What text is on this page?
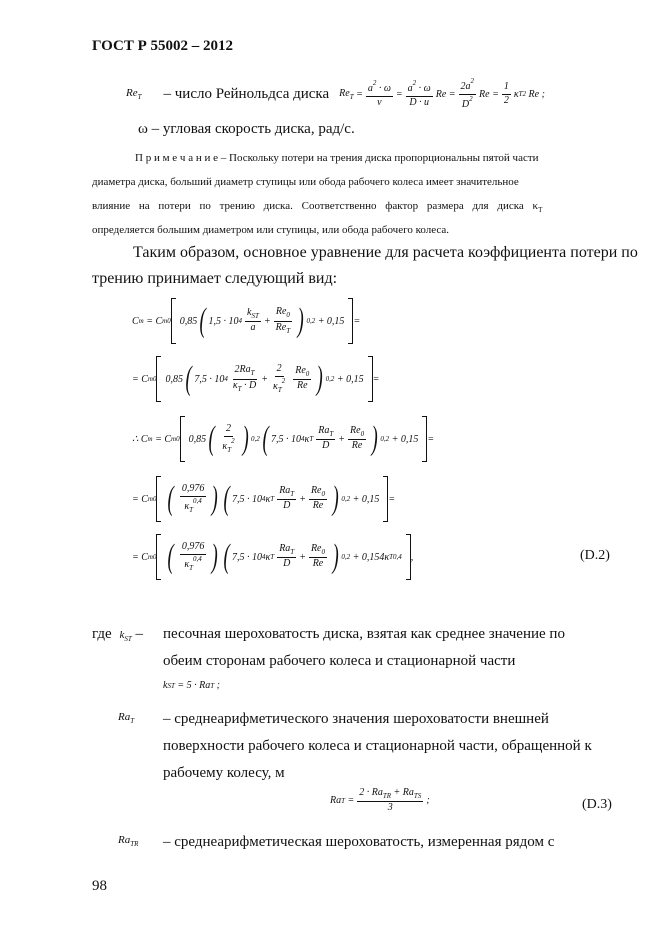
ГОСТ Р 55002 – 2012
$Re_T$ – число Рейнольдса диска $Re_T = \frac{a^2 \cdot \omega}{\nu} = \frac{a^2 \cdot \omega}{D \cdot u}$ $Re = \frac{2a^2}{D^2}$ $Re = \frac{1}{2}$ κ T 2 Re ;
ω – угловая скорость диска, рад/с.
П р и м е ч а н и е – Поскольку потери на трения диска пропорциональны пятой части
диаметра диска, больший диаметр ступицы или обода рабочего колеса имеет значительное
влияние на потери по трению диска. Соответственно фактор размера для диска $\kappa_T$
определяется большим диаметром или ступицы, или обода рабочего колеса.
Таким образом, основное уравнение для расчета коэффициента потери по
трению принимает следующий вид:
C m = C m0 0,85 ( 1,5 · 10 $4 \frac{k_{ST}}{a} + \frac{Re_0}{Re_T}$ ) 0,2 + 0,15
=
= C m0 0,85 ( 7,5 · 10 $4 \frac{2Ra_T}{\kappa_T \cdot D} + \frac{2}{\kappa_T^2} \frac{Re_0}{Re}$ ) 0,2 + 0,15
=
∴ C m = C m0 0,85 ( $\frac{2}{\kappa_T^2}$ ) 0,2 ( 7,5 · 10 4 κ T $\frac{Ra_T}{D} + \frac{Re_0}{Re}$ ) 0,2 + 0,15
=
= C m0 ( $\frac{0,976}{\kappa_T^{0,4}}$ ) ( 7,5 · 10 4 κ T $\frac{Ra_T}{D} + \frac{Re_0}{Re}$ ) 0,2 + 0,15
=
= C m0 ( $\frac{0,976}{\kappa_T^{0,4}}$ ) ( 7,5 · 10 4 κ T $\frac{Ra_T}{D} + \frac{Re_0}{Re}$ ) 0,2 + 0,154κ T 0,4 ,	(D.2)
где $k_{ST}$ – песочная шероховатость диска, взятая как среднее значение по
обеим сторонам рабочего колеса и стационарной части
k ST = 5 · Ra T ;
$Ra_T$ – среднеарифметического значения шероховатости внешней
поверхности рабочего колеса и стационарной части, обращенной к
рабочему колесу, м
Ra $T = \frac{2 \cdot Ra_{TR} + Ra_{TS}}{3}$ ;	(D.3)
$Ra_{TR}$ – среднеарифметическая шероховатость, измеренная рядом с
98
